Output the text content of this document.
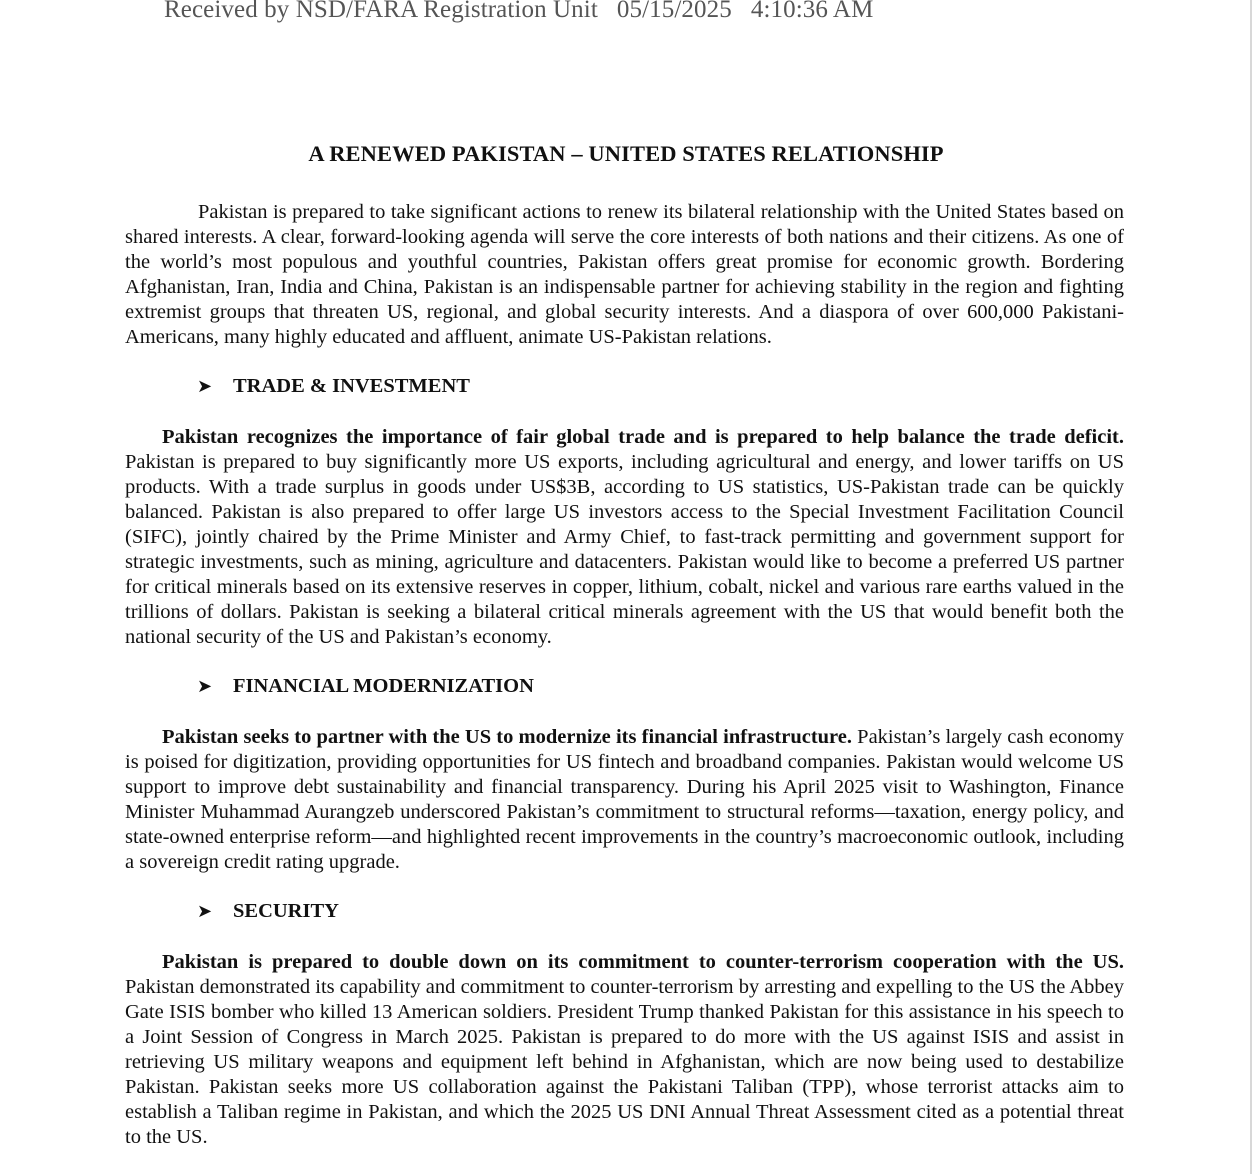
Received by NSD/FARA Registration Unit   05/15/2025   4:10:36 AM
A RENEWED PAKISTAN – UNITED STATES RELATIONSHIP

Pakistan is prepared to take significant actions to renew its bilateral relationship with the United States based on shared interests. A clear, forward-looking agenda will serve the core interests of both nations and their citizens. As one of the world’s most populous and youthful countries, Pakistan offers great promise for economic growth. Bordering Afghanistan, Iran, India and China, Pakistan is an indispensable partner for achieving stability in the region and fighting extremist groups that threaten US, regional, and global security interests. And a diaspora of over 600,000 Pakistani-Americans, many highly educated and affluent, animate US-Pakistan relations.

➤ TRADE & INVESTMENT

Pakistan recognizes the importance of fair global trade and is prepared to help balance the trade deficit. Pakistan is prepared to buy significantly more US exports, including agricultural and energy, and lower tariffs on US products. With a trade surplus in goods under US$3B, according to US statistics, US-Pakistan trade can be quickly balanced. Pakistan is also prepared to offer large US investors access to the Special Investment Facilitation Council (SIFC), jointly chaired by the Prime Minister and Army Chief, to fast-track permitting and government support for strategic investments, such as mining, agriculture and datacenters. Pakistan would like to become a preferred US partner for critical minerals based on its extensive reserves in copper, lithium, cobalt, nickel and various rare earths valued in the trillions of dollars. Pakistan is seeking a bilateral critical minerals agreement with the US that would benefit both the national security of the US and Pakistan’s economy.

➤ FINANCIAL MODERNIZATION

Pakistan seeks to partner with the US to modernize its financial infrastructure. Pakistan’s largely cash economy is poised for digitization, providing opportunities for US fintech and broadband companies. Pakistan would welcome US support to improve debt sustainability and financial transparency. During his April 2025 visit to Washington, Finance Minister Muhammad Aurangzeb underscored Pakistan’s commitment to structural reforms—taxation, energy policy, and state-owned enterprise reform—and highlighted recent improvements in the country’s macroeconomic outlook, including a sovereign credit rating upgrade.

➤ SECURITY

Pakistan is prepared to double down on its commitment to counter-terrorism cooperation with the US. Pakistan demonstrated its capability and commitment to counter-terrorism by arresting and expelling to the US the Abbey Gate ISIS bomber who killed 13 American soldiers. President Trump thanked Pakistan for this assistance in his speech to a Joint Session of Congress in March 2025. Pakistan is prepared to do more with the US against ISIS and assist in retrieving US military weapons and equipment left behind in Afghanistan, which are now being used to destabilize Pakistan. Pakistan seeks more US collaboration against the Pakistani Taliban (TPP), whose terrorist attacks aim to establish a Taliban regime in Pakistan, and which the 2025 US DNI Annual Threat Assessment cited as a potential threat to the US.
